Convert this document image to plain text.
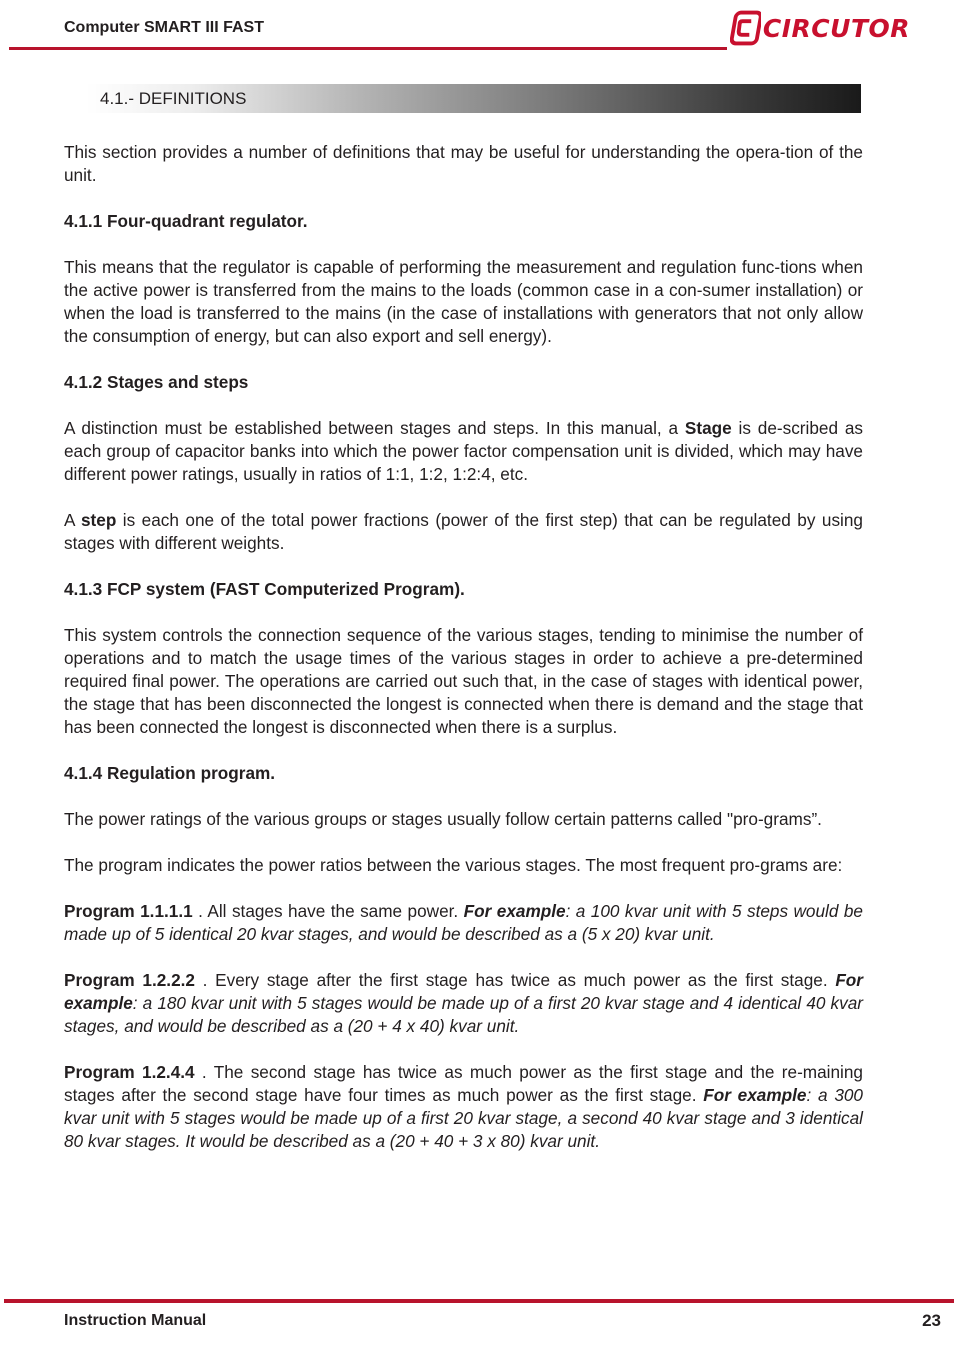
Computer SMART III FAST	CIRCUTOR
4.1.- DEFINITIONS

This section provides a number of definitions that may be useful for understanding the opera-tion of the unit.

4.1.1 Four-quadrant regulator.

This means that the regulator is capable of performing the measurement and regulation func-tions when the active power is transferred from the mains to the loads (common case in a con-sumer installation) or when the load is transferred to the mains (in the case of installations with generators that not only allow the consumption of energy, but can also export and sell energy).

4.1.2 Stages and steps

A distinction must be established between stages and steps. In this manual, a Stage is de-scribed as each group of capacitor banks into which the power factor compensation unit is divided, which may have different power ratings, usually in ratios of 1:1, 1:2, 1:2:4, etc.

A step is each one of the total power fractions (power of the first step) that can be regulated by using stages with different weights.

4.1.3 FCP system (FAST Computerized Program).

This system controls the connection sequence of the various stages, tending to minimise the number of operations and to match the usage times of the various stages in order to achieve a pre-determined required final power. The operations are carried out such that, in the case of stages with identical power, the stage that has been disconnected the longest is connected when there is demand and the stage that has been connected the longest is disconnected when there is a surplus.

4.1.4 Regulation program.

The power ratings of the various groups or stages usually follow certain patterns called "pro-grams”.

The program indicates the power ratios between the various stages. The most frequent pro-grams are:

Program 1.1.1.1 . All stages have the same power. For example: a 100 kvar unit with 5 steps would be made up of 5 identical 20 kvar stages, and would be described as a (5 x 20) kvar unit.

Program 1.2.2.2 . Every stage after the first stage has twice as much power as the first stage. For example: a 180 kvar unit with 5 stages would be made up of a first 20 kvar stage and 4 identical 40 kvar stages, and would be described as a (20 + 4 x 40) kvar unit.

Program 1.2.4.4 . The second stage has twice as much power as the first stage and the re-maining stages after the second stage have four times as much power as the first stage. For example: a 300 kvar unit with 5 stages would be made up of a first 20 kvar stage, a second 40 kvar stage and 3 identical 80 kvar stages. It would be described as a (20 + 40 + 3 x 80) kvar unit.

Instruction Manual	23
